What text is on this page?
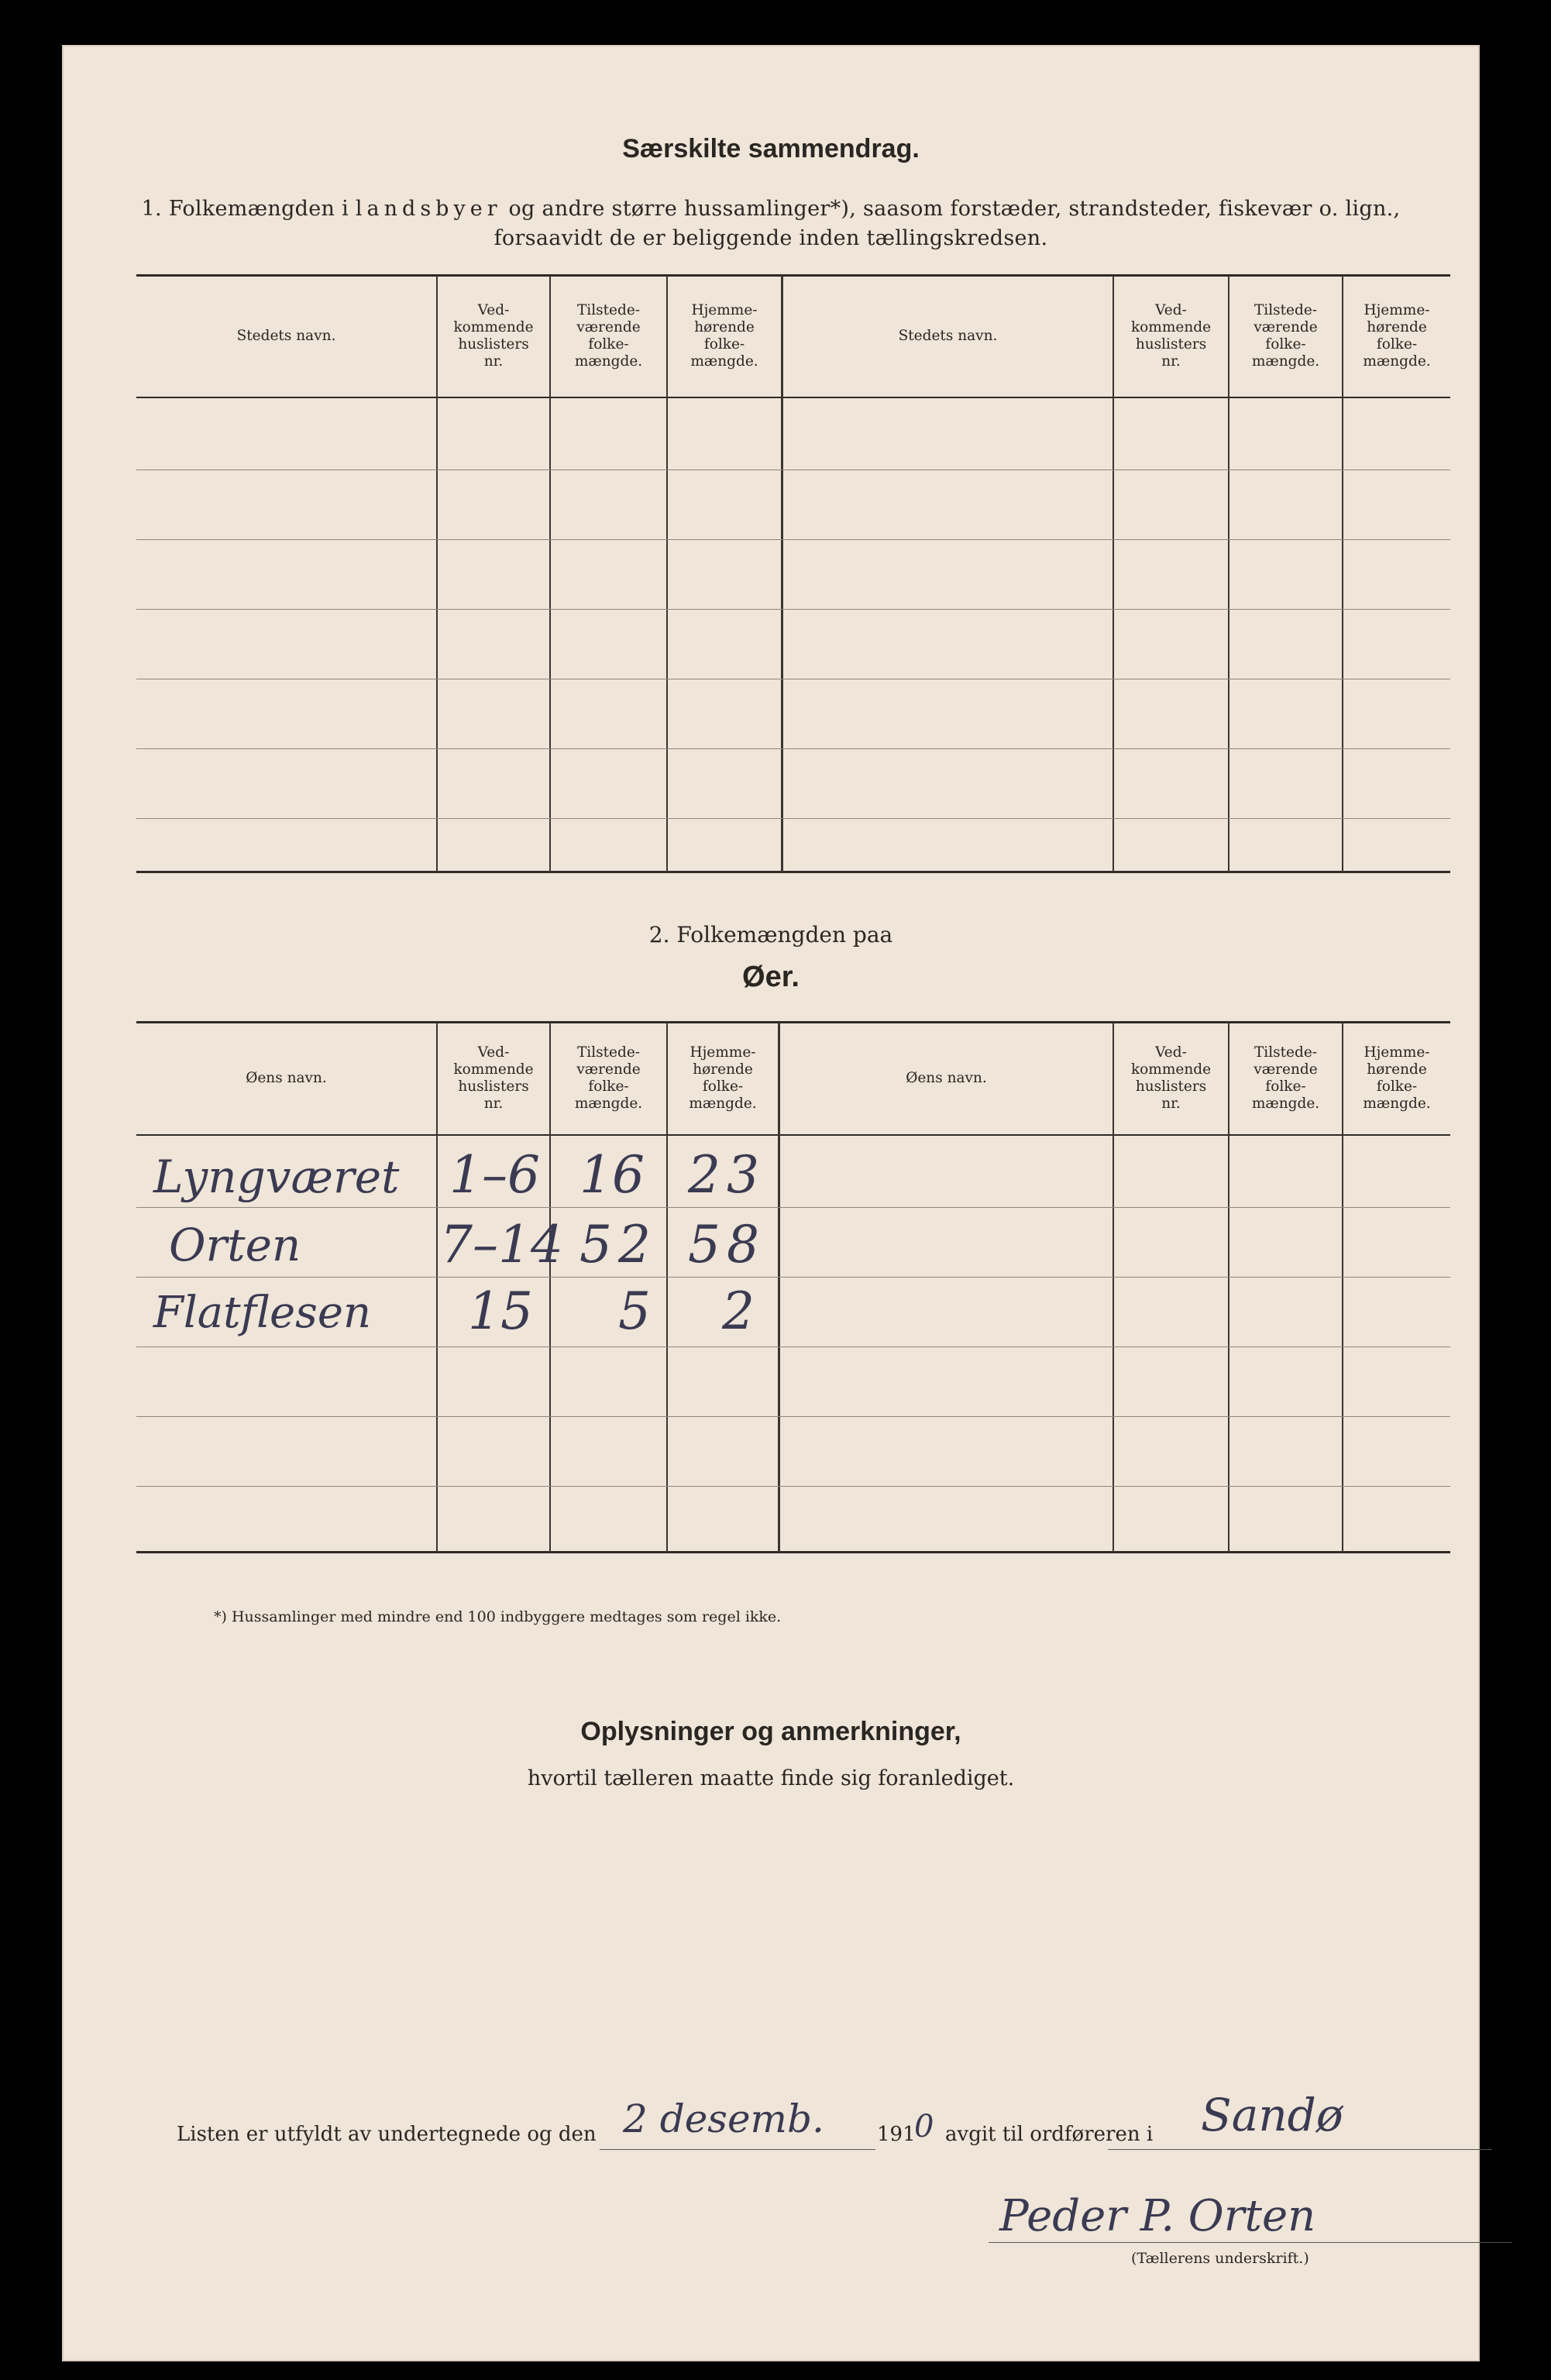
Særskilte sammendrag.
1. Folkemængden i landsbyer og andre større hussamlinger*), saasom forstæder, strandsteder, fiskevær o. lign.,
forsaavidt de er beliggende inden tællingskredsen.
Stedets navn.
Ved-
kommende
huslisters
nr.
Tilstede-
værende
folke-
mængde.
Hjemme-
hørende
folke-
mængde.
Stedets navn.
Ved-
kommende
huslisters
nr.
Tilstede-
værende
folke-
mængde.
Hjemme-
hørende
folke-
mængde.
2. Folkemængden paa
Øer.
Øens navn.
Ved-
kommende
huslisters
nr.
Tilstede-
værende
folke-
mængde.
Hjemme-
hørende
folke-
mængde.
Øens navn.
Ved-
kommende
huslisters
nr.
Tilstede-
værende
folke-
mængde.
Hjemme-
hørende
folke-
mængde.
Lyngværet 1–6 16 23
Orten	7–14 52 58
Flatflesen 15 5 2
*) Hussamlinger med mindre end 100 indbyggere medtages som regel ikke.
Oplysninger og anmerkninger,
hvortil tælleren maatte finde sig foranlediget.
Listen er utfyldt av undertegnede og den 2 desemb.	191
0 avgit til ordføreren i Sandø
Peder P. Orten
(Tællerens underskrift.)
